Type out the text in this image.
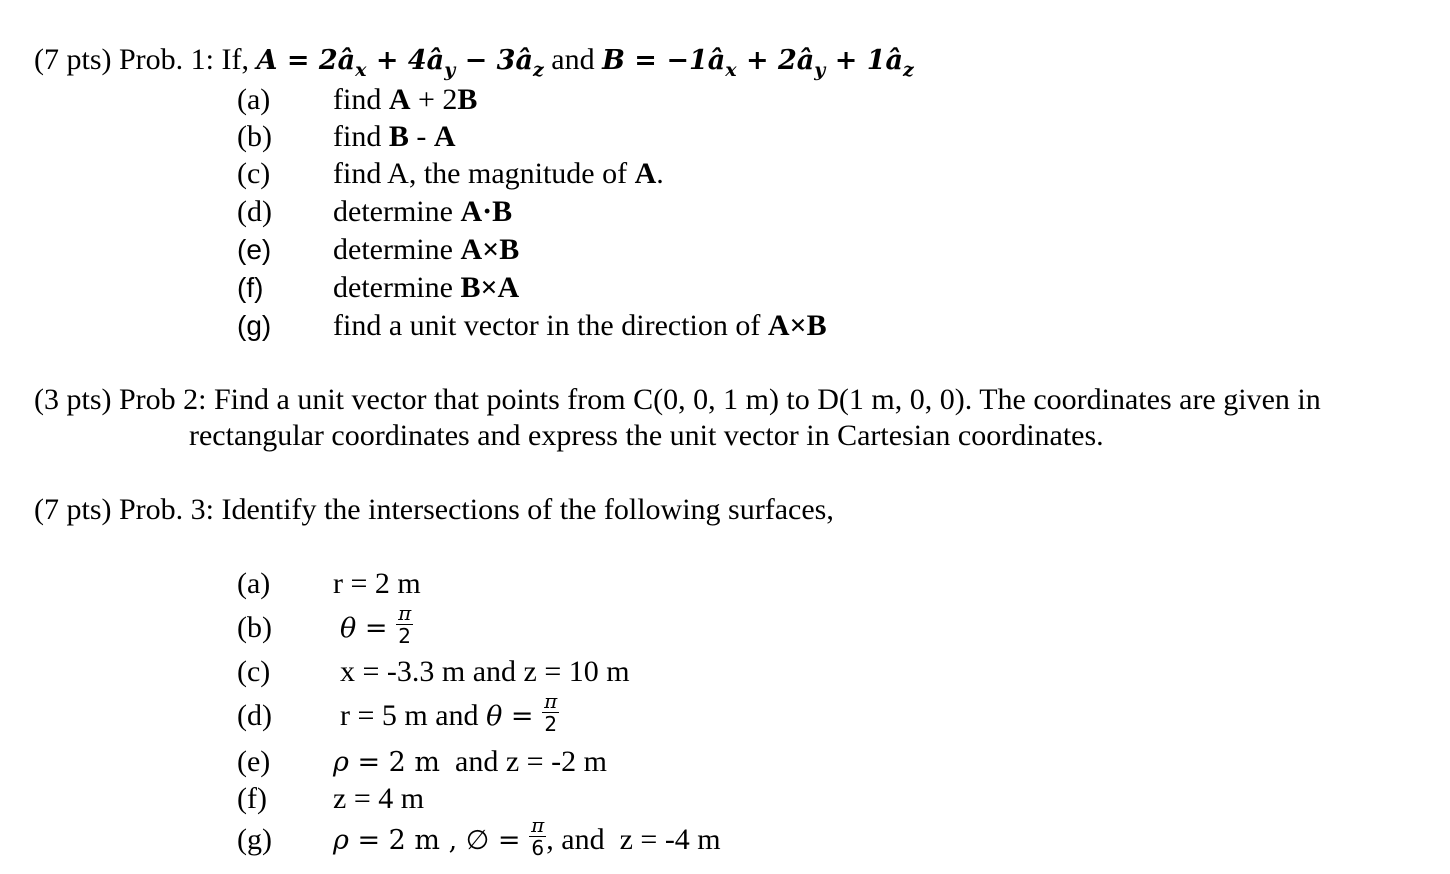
(7 pts) Prob. 1: If, $A = 2â_x$ + $4â_y$ − $3â_z$ and $B = -1â_x$ + $2â_y$ + $1â_z$
(a) find A + 2B
(b) find B - A
(c) find A, the magnitude of A.
(d) determine A·B
(e) determine A×B
(f) determine B×A
(g) find a unit vector in the direction of A×B
(3 pts) Prob 2: Find a unit vector that points from C(0, 0, 1 m) to D(1 m, 0, 0). The coordinates are given in
rectangular coordinates and express the unit vector in Cartesian coordinates.
(7 pts) Prob. 3: Identify the intersections of the following surfaces,
(a) r = 2 m
(b)	$\theta = \frac{\pi}{2}$
(c) x = -3.3 m and z = 10 m
(d) r = 5 m and $\theta = \frac{\pi}{2}$
(e) ρ = 2 m  and z = -2 m
(f) z = 4 m
(g) ρ = 2 m , ∅ = $\frac{\pi}{6}$ , and  z = -4 m
